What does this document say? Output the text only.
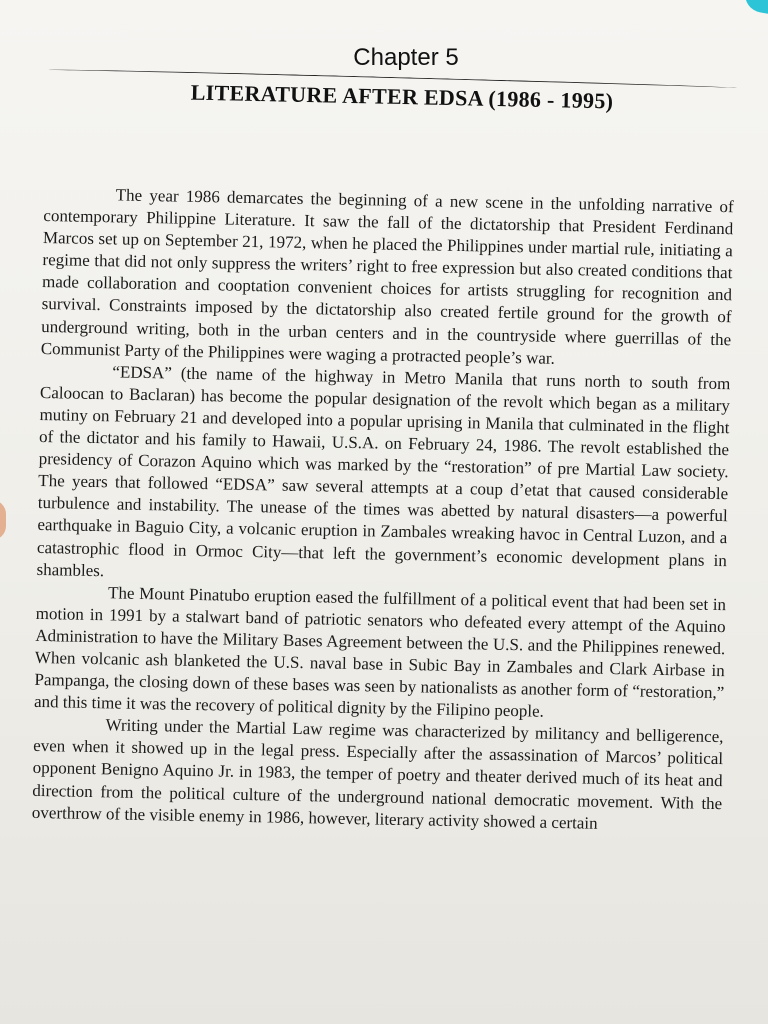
Chapter 5
LITERATURE AFTER EDSA (1986 - 1995)

The year 1986 demarcates the beginning of a new scene in the unfolding narrative of contemporary Philippine Literature. It saw the fall of the dictatorship that President Ferdinand Marcos set up on September 21, 1972, when he placed the Philippines under martial rule, initiating a regime that did not only suppress the writers’ right to free expression but also created conditions that made collaboration and cooptation convenient choices for artists struggling for recognition and survival. Constraints imposed by the dictatorship also created fertile ground for the growth of underground writing, both in the urban centers and in the countryside where guerrillas of the Communist Party of the Philippines were waging a protracted people’s war.

“EDSA” (the name of the highway in Metro Manila that runs north to south from Caloocan to Baclaran) has become the popular designation of the revolt which began as a military mutiny on February 21 and developed into a popular uprising in Manila that culminated in the flight of the dictator and his family to Hawaii, U.S.A. on February 24, 1986. The revolt established the presidency of Corazon Aquino which was marked by the “restoration” of pre Martial Law society. The years that followed “EDSA” saw several attempts at a coup d’etat that caused considerable turbulence and instability. The unease of the times was abetted by natural disasters—a powerful earthquake in Baguio City, a volcanic eruption in Zambales wreaking havoc in Central Luzon, and a catastrophic flood in Ormoc City—that left the government’s economic development plans in shambles.

The Mount Pinatubo eruption eased the fulfillment of a political event that had been set in motion in 1991 by a stalwart band of patriotic senators who defeated every attempt of the Aquino Administration to have the Military Bases Agreement between the U.S. and the Philippines renewed. When volcanic ash blanketed the U.S. naval base in Subic Bay in Zambales and Clark Airbase in Pampanga, the closing down of these bases was seen by nationalists as another form of “restoration,” and this time it was the recovery of political dignity by the Filipino people.

Writing under the Martial Law regime was characterized by militancy and belligerence, even when it showed up in the legal press. Especially after the assassination of Marcos’ political opponent Benigno Aquino Jr. in 1983, the temper of poetry and theater derived much of its heat and direction from the political culture of the underground national democratic movement. With the overthrow of the visible enemy in 1986, however, literary activity showed a certain
